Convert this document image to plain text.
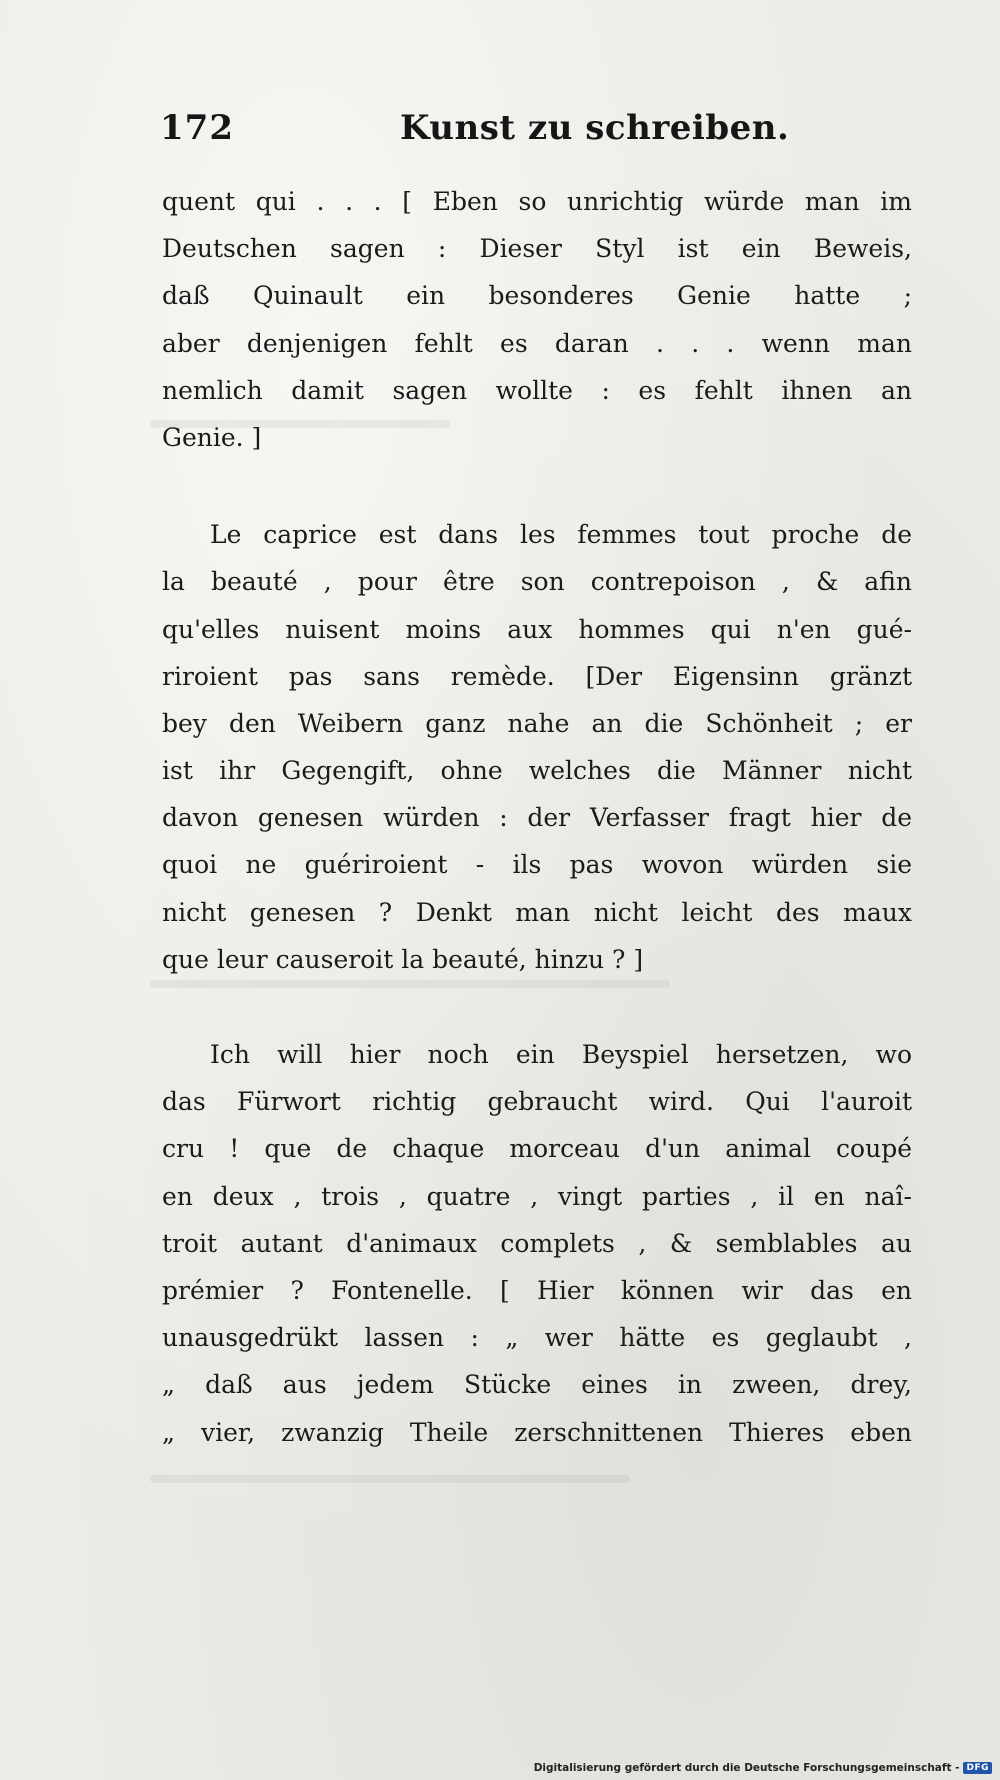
172	Kunst zu schreiben.
quent qui . . . [ Eben so unrichtig würde man im
Deutschen sagen : Dieser Styl ist ein Beweis,
daß Quinault ein besonderes Genie hatte ;
aber denjenigen fehlt es daran . . . wenn man
nemlich damit sagen wollte : es fehlt ihnen an
Genie. ]
Le caprice est dans les femmes tout proche de
la beauté , pour être son contrepoison , & afin
qu'elles nuisent moins aux hommes qui n'en gué-
riroient pas sans remède. [Der Eigensinn gränzt
bey den Weibern ganz nahe an die Schönheit ; er
ist ihr Gegengift, ohne welches die Männer nicht
davon genesen würden : der Verfasser fragt hier de
quoi ne guériroient - ils pas wovon würden sie
nicht genesen ? Denkt man nicht leicht des maux
que leur causeroit la beauté, hinzu ? ]
Ich will hier noch ein Beyspiel hersetzen, wo
das Fürwort richtig gebraucht wird. Qui l'auroit
cru ! que de chaque morceau d'un animal coupé
en deux , trois , quatre , vingt parties , il en naî-
troit autant d'animaux complets , & semblables au
prémier ? Fontenelle. [ Hier können wir das en
unausgedrükt lassen : „ wer hätte es geglaubt ,
„ daß aus jedem Stücke eines in zween, drey,
„ vier, zwanzig Theile zerschnittenen Thieres eben
Digitalisierung gefördert durch die Deutsche Forschungsgemeinschaft - DFG
